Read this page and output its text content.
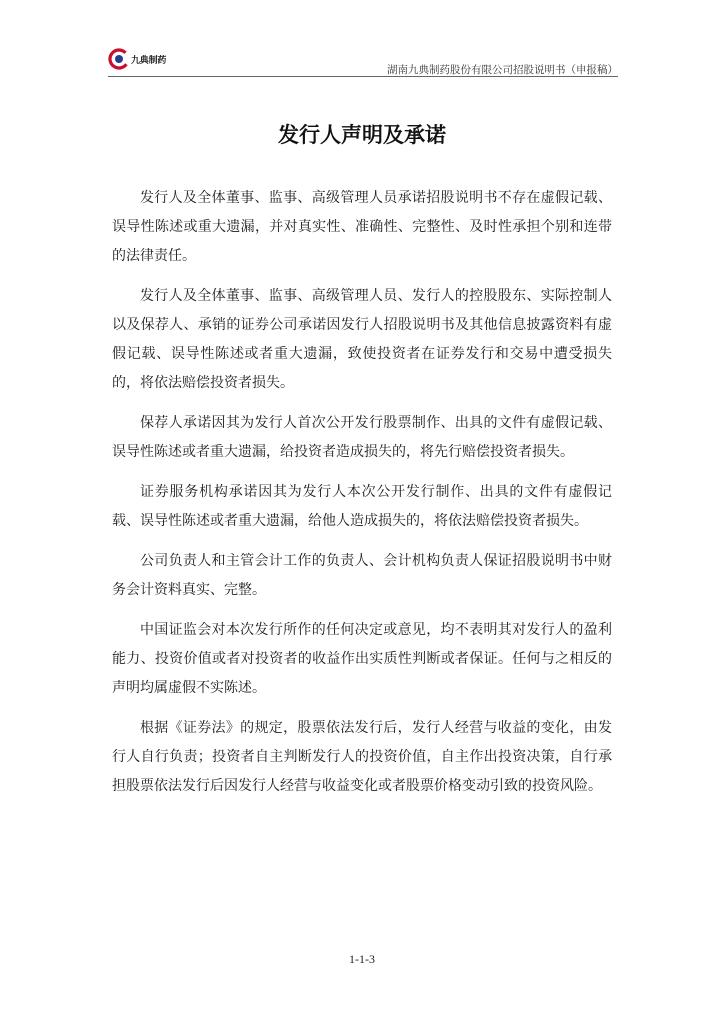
九典制药
湖南九典制药股份有限公司招股说明书（申报稿）
发行人声明及承诺

发行人及全体董事、监事、高级管理人员承诺招股说明书不存在虚假记载、误导性陈述或重大遗漏，并对真实性、准确性、完整性、及时性承担个别和连带的法律责任。

发行人及全体董事、监事、高级管理人员、发行人的控股股东、实际控制人以及保荐人、承销的证券公司承诺因发行人招股说明书及其他信息披露资料有虚假记载、误导性陈述或者重大遗漏，致使投资者在证券发行和交易中遭受损失的，将依法赔偿投资者损失。

保荐人承诺因其为发行人首次公开发行股票制作、出具的文件有虚假记载、误导性陈述或者重大遗漏，给投资者造成损失的，将先行赔偿投资者损失。

证券服务机构承诺因其为发行人本次公开发行制作、出具的文件有虚假记载、误导性陈述或者重大遗漏，给他人造成损失的，将依法赔偿投资者损失。

公司负责人和主管会计工作的负责人、会计机构负责人保证招股说明书中财务会计资料真实、完整。

中国证监会对本次发行所作的任何决定或意见，均不表明其对发行人的盈利能力、投资价值或者对投资者的收益作出实质性判断或者保证。任何与之相反的声明均属虚假不实陈述。

根据《证券法》的规定，股票依法发行后，发行人经营与收益的变化，由发行人自行负责；投资者自主判断发行人的投资价值，自主作出投资决策，自行承担股票依法发行后因发行人经营与收益变化或者股票价格变动引致的投资风险。

1-1-3
